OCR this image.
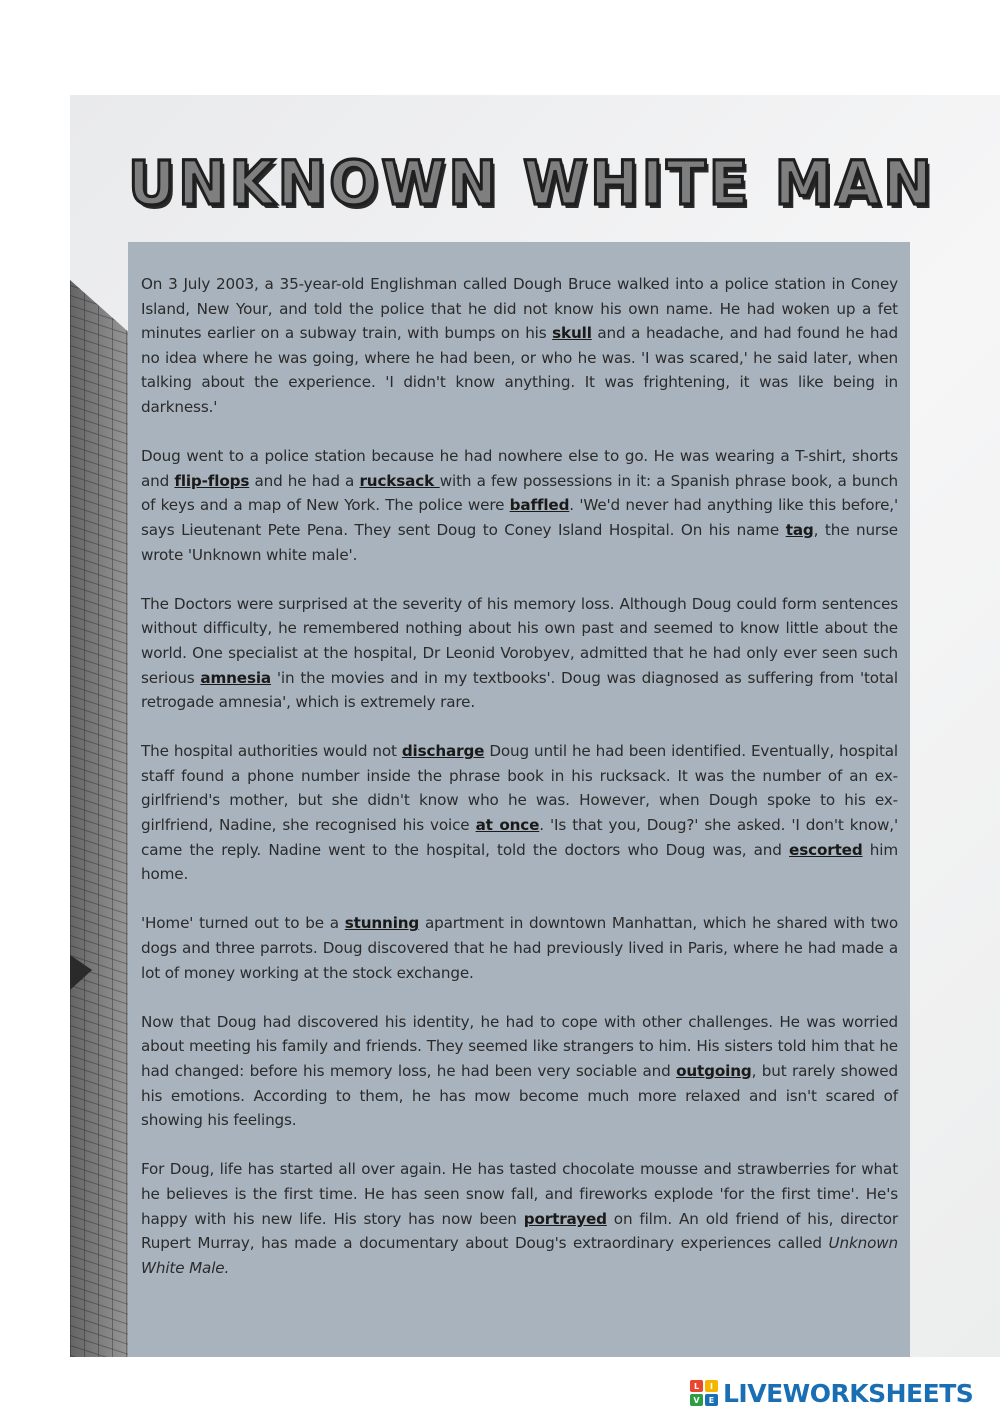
UNKNOWN WHITE MAN

On 3 July 2003, a 35-year-old Englishman called Dough Bruce walked into a police station in Coney Island, New Your, and told the police that he did not know his own name. He had woken up a fet minutes earlier on a subway train, with bumps on his skull and a headache, and had found he had no idea where he was going, where he had been, or who he was. 'I was scared,' he said later, when talking about the experience. 'I didn't know anything. It was frightening, it was like being in darkness.'

Doug went to a police station because he had nowhere else to go. He was wearing a T-shirt, shorts and flip-flops and he had a rucksack with a few possessions in it: a Spanish phrase book, a bunch of keys and a map of New York. The police were baffled. 'We'd never had anything like this before,' says Lieutenant Pete Pena. They sent Doug to Coney Island Hospital. On his name tag, the nurse wrote 'Unknown white male'.

The Doctors were surprised at the severity of his memory loss. Although Doug could form sentences without difficulty, he remembered nothing about his own past and seemed to know little about the world. One specialist at the hospital, Dr Leonid Vorobyev, admitted that he had only ever seen such serious amnesia 'in the movies and in my textbooks'. Doug was diagnosed as suffering from 'total retrogade amnesia', which is extremely rare.

The hospital authorities would not discharge Doug until he had been identified. Eventually, hospital staff found a phone number inside the phrase book in his rucksack. It was the number of an ex-girlfriend's mother, but she didn't know who he was. However, when Dough spoke to his ex-girlfriend, Nadine, she recognised his voice at once. 'Is that you, Doug?' she asked. 'I don't know,' came the reply. Nadine went to the hospital, told the doctors who Doug was, and escorted him home.

'Home' turned out to be a stunning apartment in downtown Manhattan, which he shared with two dogs and three parrots. Doug discovered that he had previously lived in Paris, where he had made a lot of money working at the stock exchange.

Now that Doug had discovered his identity, he had to cope with other challenges. He was worried about meeting his family and friends. They seemed like strangers to him. His sisters told him that he had changed: before his memory loss, he had been very sociable and outgoing, but rarely showed his emotions. According to them, he has mow become much more relaxed and isn't scared of showing his feelings.

For Doug, life has started all over again. He has tasted chocolate mousse and strawberries for what he believes is the first time. He has seen snow fall, and fireworks explode 'for the first time'. He's happy with his new life. His story has now been portrayed on film. An old friend of his, director Rupert Murray, has made a documentary about Doug's extraordinary experiences called Unknown White Male.

L I
V E LIVEWORKSHEETS
